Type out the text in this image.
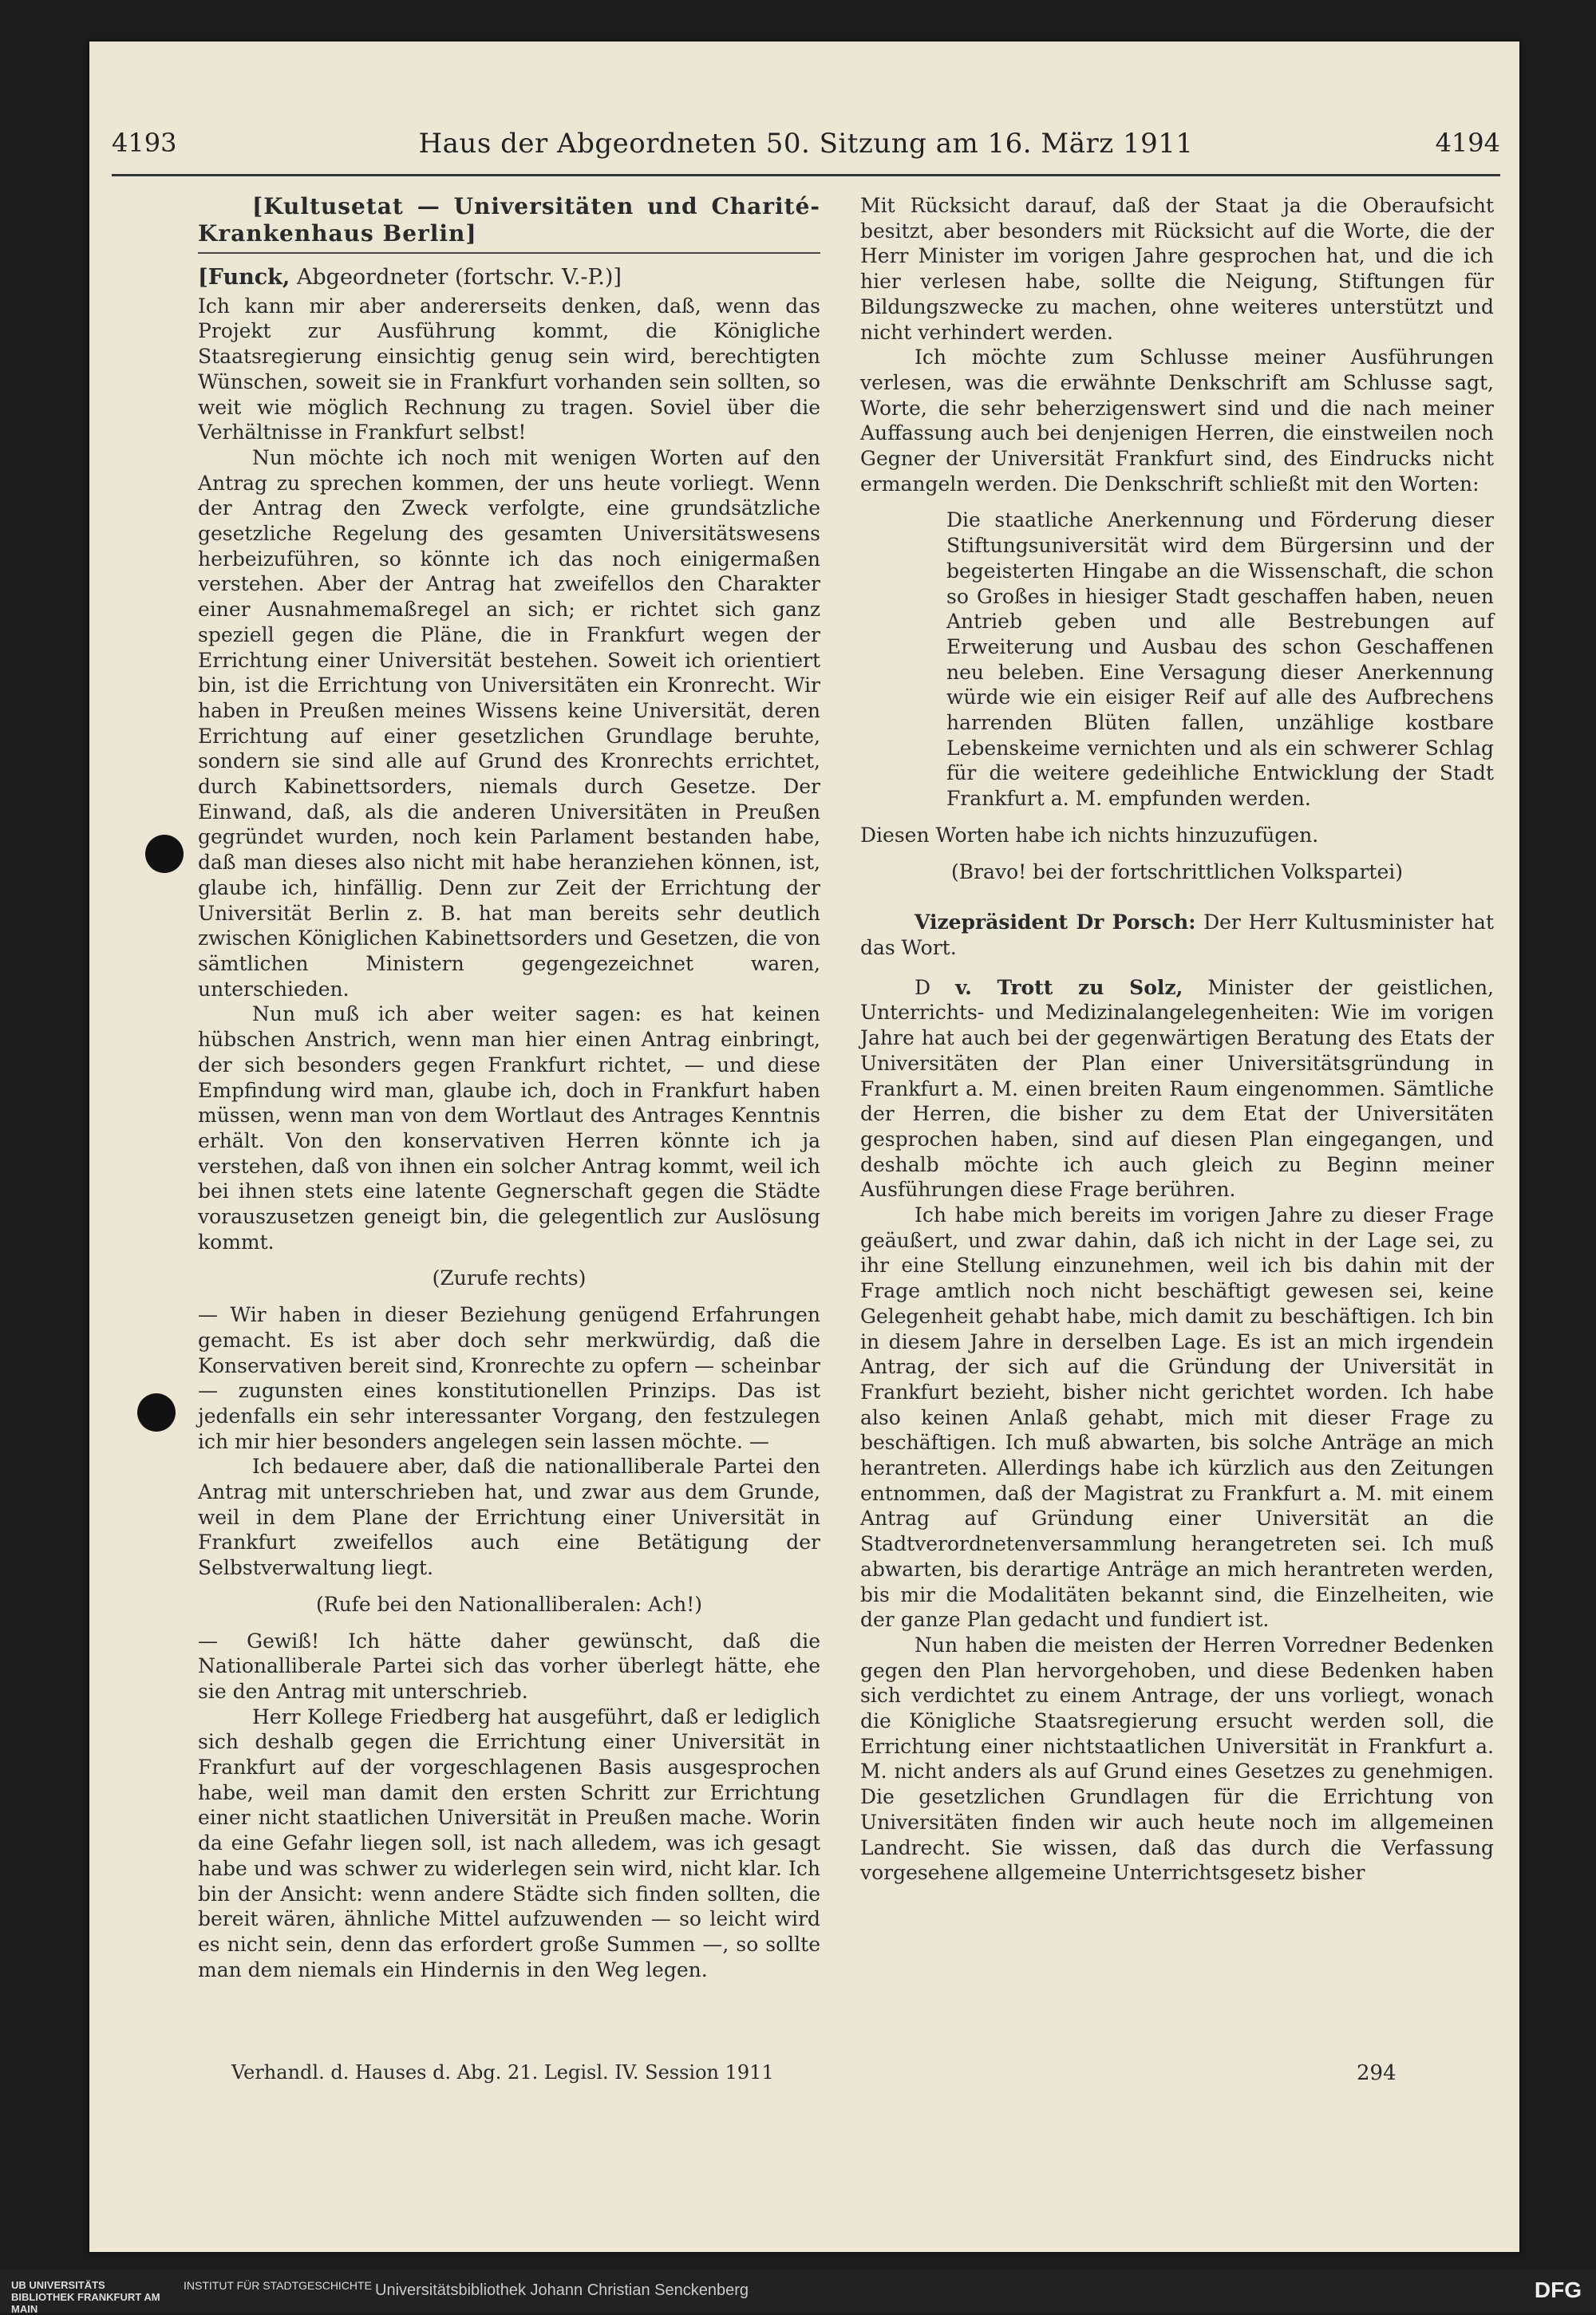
4193	Haus der Abgeordneten 50. Sitzung am 16. März 1911	4194

[Kultusetat — Universitäten und Charité-Krankenhaus Berlin]

[Funck, Abgeordneter (fortschr. V.-P.)]

Ich kann mir aber andererseits denken, daß, wenn das Projekt zur Ausführung kommt, die Königliche Staatsregierung einsichtig genug sein wird, berechtigten Wünschen, soweit sie in Frankfurt vorhanden sein sollten, so weit wie möglich Rechnung zu tragen. Soviel über die Verhältnisse in Frankfurt selbst!

Nun möchte ich noch mit wenigen Worten auf den Antrag zu sprechen kommen, der uns heute vorliegt. Wenn der Antrag den Zweck verfolgte, eine grundsätzliche gesetzliche Regelung des gesamten Universitätswesens herbeizuführen, so könnte ich das noch einigermaßen verstehen. Aber der Antrag hat zweifellos den Charakter einer Ausnahmemaßregel an sich; er richtet sich ganz speziell gegen die Pläne, die in Frankfurt wegen der Errichtung einer Universität bestehen. Soweit ich orientiert bin, ist die Errichtung von Universitäten ein Kronrecht. Wir haben in Preußen meines Wissens keine Universität, deren Errichtung auf einer gesetzlichen Grundlage beruhte, sondern sie sind alle auf Grund des Kronrechts errichtet, durch Kabinettsorders, niemals durch Gesetze. Der Einwand, daß, als die anderen Universitäten in Preußen gegründet wurden, noch kein Parlament bestanden habe, daß man dieses also nicht mit habe heranziehen können, ist, glaube ich, hinfällig. Denn zur Zeit der Errichtung der Universität Berlin z. B. hat man bereits sehr deutlich zwischen Königlichen Kabinettsorders und Gesetzen, die von sämtlichen Ministern gegengezeichnet waren, unterschieden.

Nun muß ich aber weiter sagen: es hat keinen hübschen Anstrich, wenn man hier einen Antrag einbringt, der sich besonders gegen Frankfurt richtet, — und diese Empfindung wird man, glaube ich, doch in Frankfurt haben müssen, wenn man von dem Wortlaut des Antrages Kenntnis erhält. Von den konservativen Herren könnte ich ja verstehen, daß von ihnen ein solcher Antrag kommt, weil ich bei ihnen stets eine latente Gegnerschaft gegen die Städte vorauszusetzen geneigt bin, die gelegentlich zur Auslösung kommt.

(Zurufe rechts)

— Wir haben in dieser Beziehung genügend Erfahrungen gemacht. Es ist aber doch sehr merkwürdig, daß die Konservativen bereit sind, Kronrechte zu opfern — scheinbar — zugunsten eines konstitutionellen Prinzips. Das ist jedenfalls ein sehr interessanter Vorgang, den festzulegen ich mir hier besonders angelegen sein lassen möchte. —

Ich bedauere aber, daß die nationalliberale Partei den Antrag mit unterschrieben hat, und zwar aus dem Grunde, weil in dem Plane der Errichtung einer Universität in Frankfurt zweifellos auch eine Betätigung der Selbstverwaltung liegt.

(Rufe bei den Nationalliberalen: Ach!)

— Gewiß! Ich hätte daher gewünscht, daß die Nationalliberale Partei sich das vorher überlegt hätte, ehe sie den Antrag mit unterschrieb.

Herr Kollege Friedberg hat ausgeführt, daß er lediglich sich deshalb gegen die Errichtung einer Universität in Frankfurt auf der vorgeschlagenen Basis ausgesprochen habe, weil man damit den ersten Schritt zur Errichtung einer nicht staatlichen Universität in Preußen mache. Worin da eine Gefahr liegen soll, ist nach alledem, was ich gesagt habe und was schwer zu widerlegen sein wird, nicht klar. Ich bin der Ansicht: wenn andere Städte sich finden sollten, die bereit wären, ähnliche Mittel aufzuwenden — so leicht wird es nicht sein, denn das erfordert große Summen —, so sollte man dem niemals ein Hindernis in den Weg legen.

Mit Rücksicht darauf, daß der Staat ja die Oberaufsicht besitzt, aber besonders mit Rücksicht auf die Worte, die der Herr Minister im vorigen Jahre gesprochen hat, und die ich hier verlesen habe, sollte die Neigung, Stiftungen für Bildungszwecke zu machen, ohne weiteres unterstützt und nicht verhindert werden.

Ich möchte zum Schlusse meiner Ausführungen verlesen, was die erwähnte Denkschrift am Schlusse sagt, Worte, die sehr beherzigenswert sind und die nach meiner Auffassung auch bei denjenigen Herren, die einstweilen noch Gegner der Universität Frankfurt sind, des Eindrucks nicht ermangeln werden. Die Denkschrift schließt mit den Worten:

Die staatliche Anerkennung und Förderung dieser Stiftungsuniversität wird dem Bürgersinn und der begeisterten Hingabe an die Wissenschaft, die schon so Großes in hiesiger Stadt geschaffen haben, neuen Antrieb geben und alle Bestrebungen auf Erweiterung und Ausbau des schon Geschaffenen neu beleben. Eine Versagung dieser Anerkennung würde wie ein eisiger Reif auf alle des Aufbrechens harrenden Blüten fallen, unzählige kostbare Lebenskeime vernichten und als ein schwerer Schlag für die weitere gedeihliche Entwicklung der Stadt Frankfurt a. M. empfunden werden.

Diesen Worten habe ich nichts hinzuzufügen.

(Bravo! bei der fortschrittlichen Volkspartei)

Vizepräsident Dr Porsch: Der Herr Kultusminister hat das Wort.

D v. Trott zu Solz, Minister der geistlichen, Unterrichts- und Medizinalangelegenheiten: Wie im vorigen Jahre hat auch bei der gegenwärtigen Beratung des Etats der Universitäten der Plan einer Universitätsgründung in Frankfurt a. M. einen breiten Raum eingenommen. Sämtliche der Herren, die bisher zu dem Etat der Universitäten gesprochen haben, sind auf diesen Plan eingegangen, und deshalb möchte ich auch gleich zu Beginn meiner Ausführungen diese Frage berühren.

Ich habe mich bereits im vorigen Jahre zu dieser Frage geäußert, und zwar dahin, daß ich nicht in der Lage sei, zu ihr eine Stellung einzunehmen, weil ich bis dahin mit der Frage amtlich noch nicht beschäftigt gewesen sei, keine Gelegenheit gehabt habe, mich damit zu beschäftigen. Ich bin in diesem Jahre in derselben Lage. Es ist an mich irgendein Antrag, der sich auf die Gründung der Universität in Frankfurt bezieht, bisher nicht gerichtet worden. Ich habe also keinen Anlaß gehabt, mich mit dieser Frage zu beschäftigen. Ich muß abwarten, bis solche Anträge an mich herantreten. Allerdings habe ich kürzlich aus den Zeitungen entnommen, daß der Magistrat zu Frankfurt a. M. mit einem Antrag auf Gründung einer Universität an die Stadtverordnetenversammlung herangetreten sei. Ich muß abwarten, bis derartige Anträge an mich herantreten werden, bis mir die Modalitäten bekannt sind, die Einzelheiten, wie der ganze Plan gedacht und fundiert ist.

Nun haben die meisten der Herren Vorredner Bedenken gegen den Plan hervorgehoben, und diese Bedenken haben sich verdichtet zu einem Antrage, der uns vorliegt, wonach die Königliche Staatsregierung ersucht werden soll, die Errichtung einer nichtstaatlichen Universität in Frankfurt a. M. nicht anders als auf Grund eines Gesetzes zu genehmigen. Die gesetzlichen Grundlagen für die Errichtung von Universitäten finden wir auch heute noch im allgemeinen Landrecht. Sie wissen, daß das durch die Verfassung vorgesehene allgemeine Unterrichtsgesetz bisher

Verhandl. d. Hauses d. Abg. 21. Legisl. IV. Session 1911	294
UB UNIVERSITÄTS BIBLIOTHEK FRANKFURT AM MAIN
INSTITUT FÜR STADTGESCHICHTE Universitätsbibliothek Johann Christian Senckenberg	DFG
